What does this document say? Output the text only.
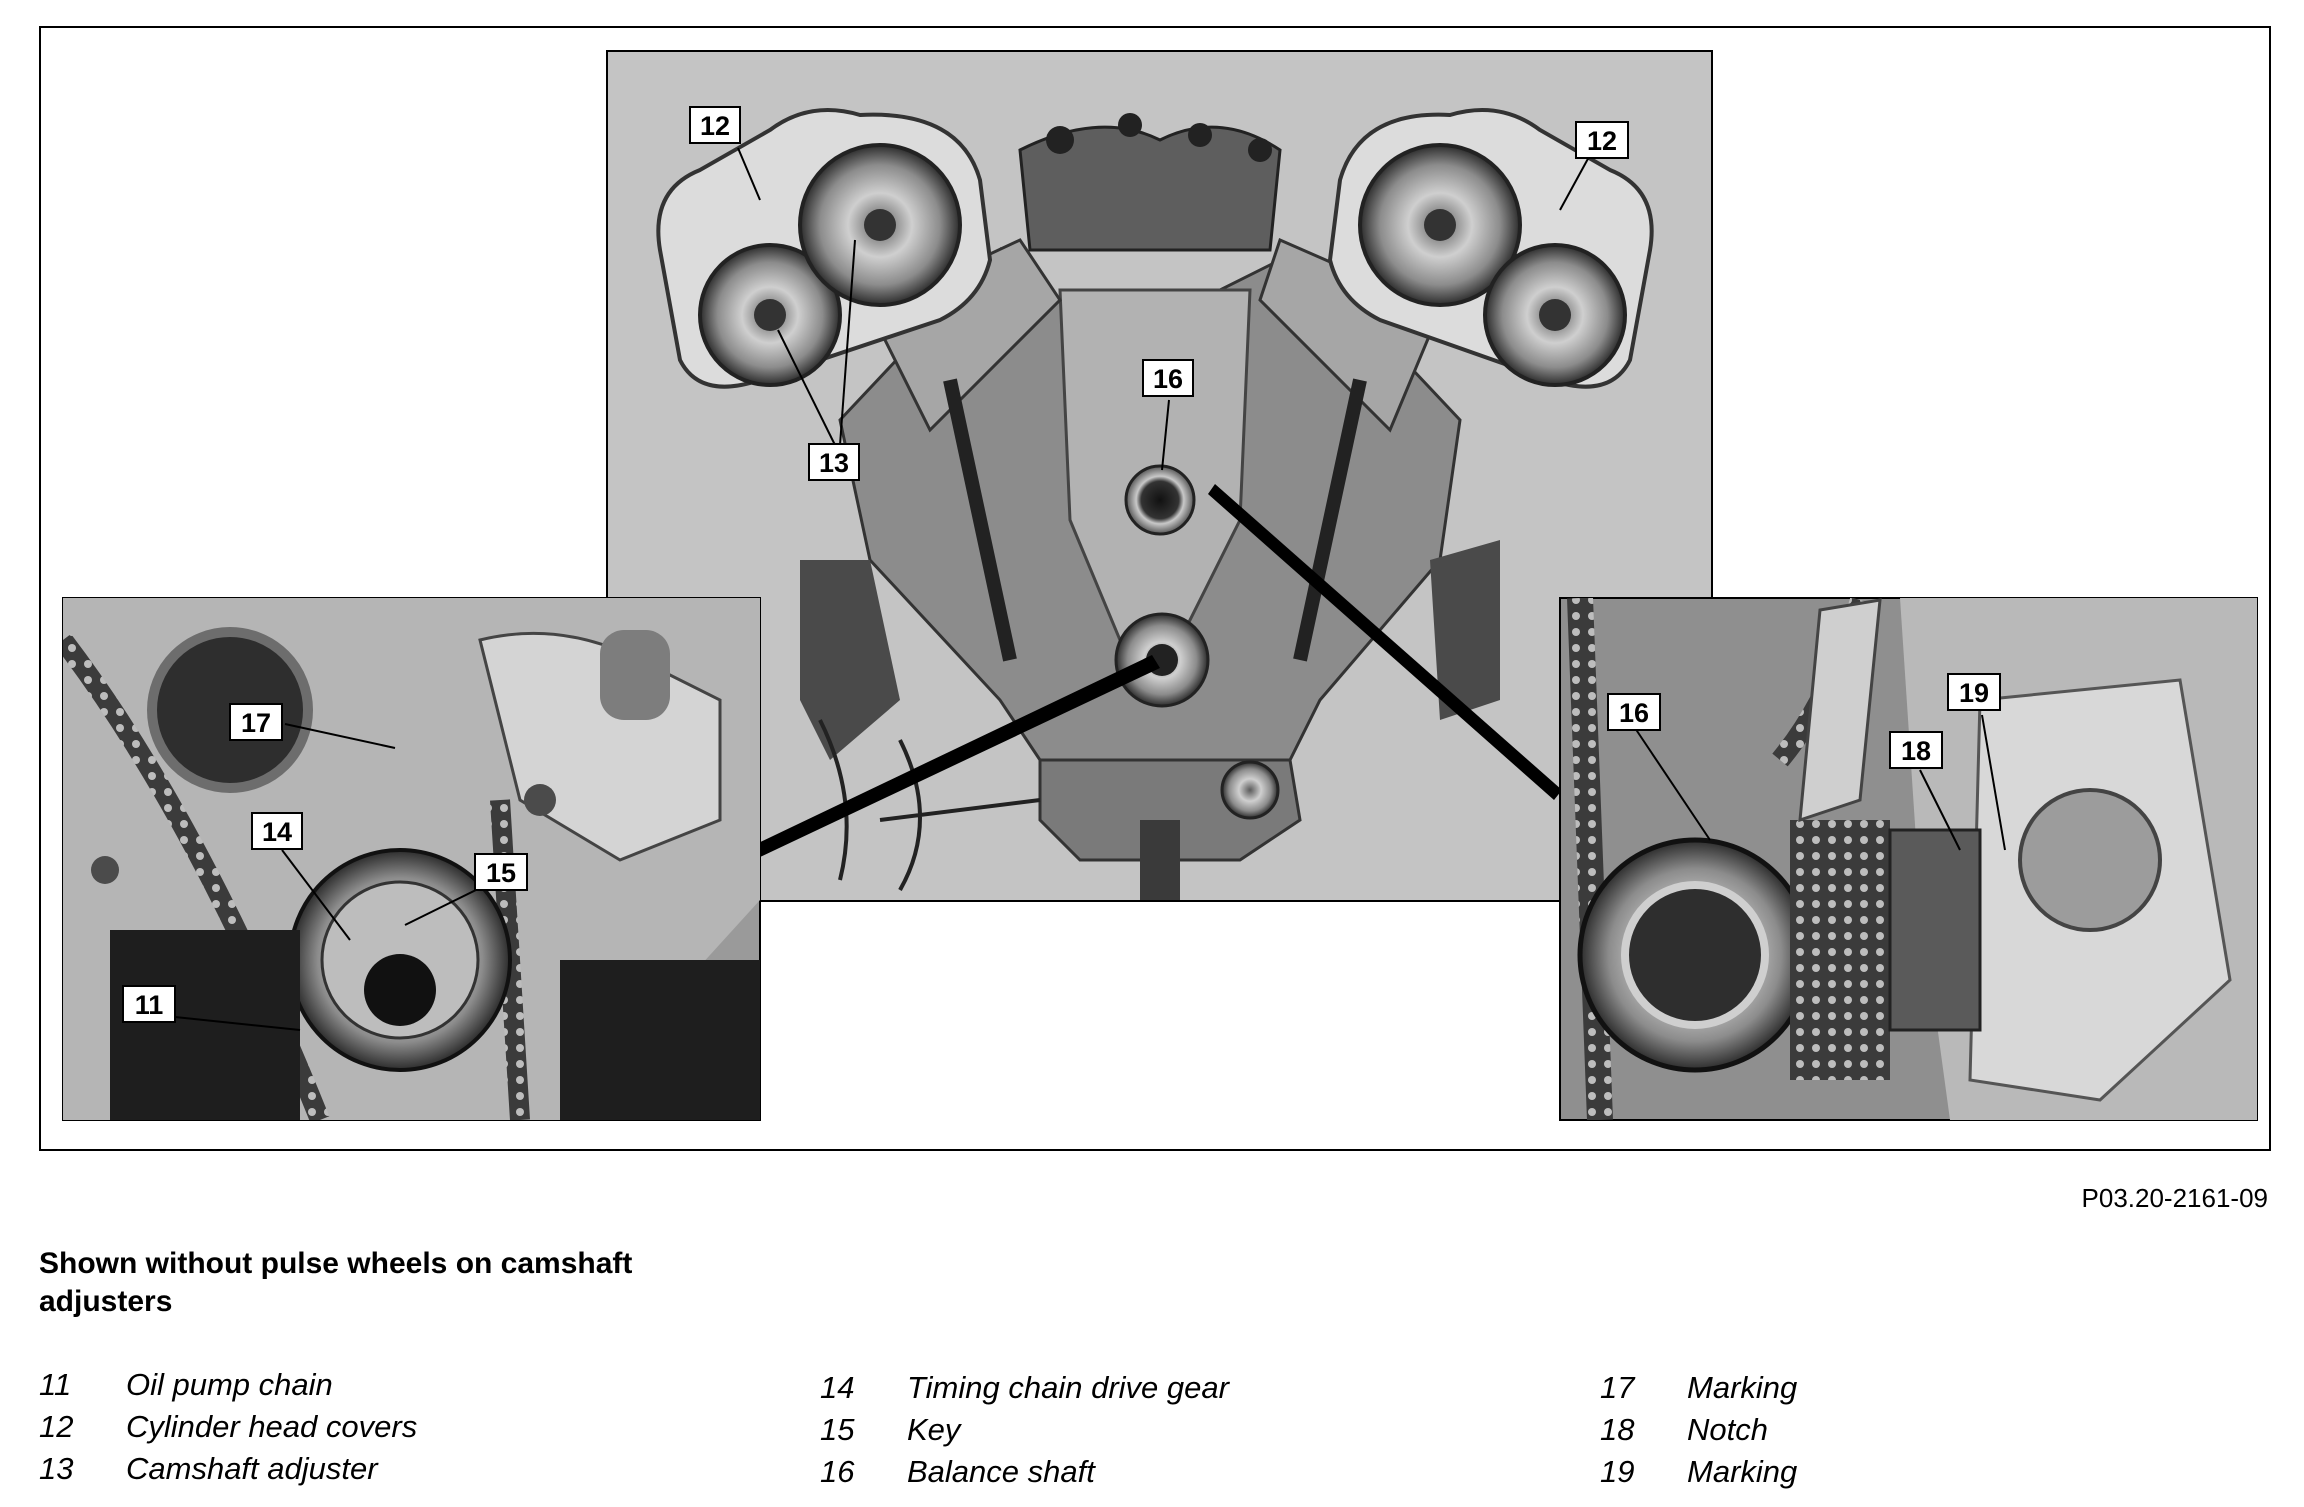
12	12
13
16
17
14
15
11
16
19
18
P03.20-2161-09
Shown without pulse wheels on camshaft adjusters
11 Oil pump chain
12 Cylinder head covers
13 Camshaft adjuster
14 Timing chain drive gear
15 Key
16 Balance shaft
17 Marking
18 Notch
19 Marking
